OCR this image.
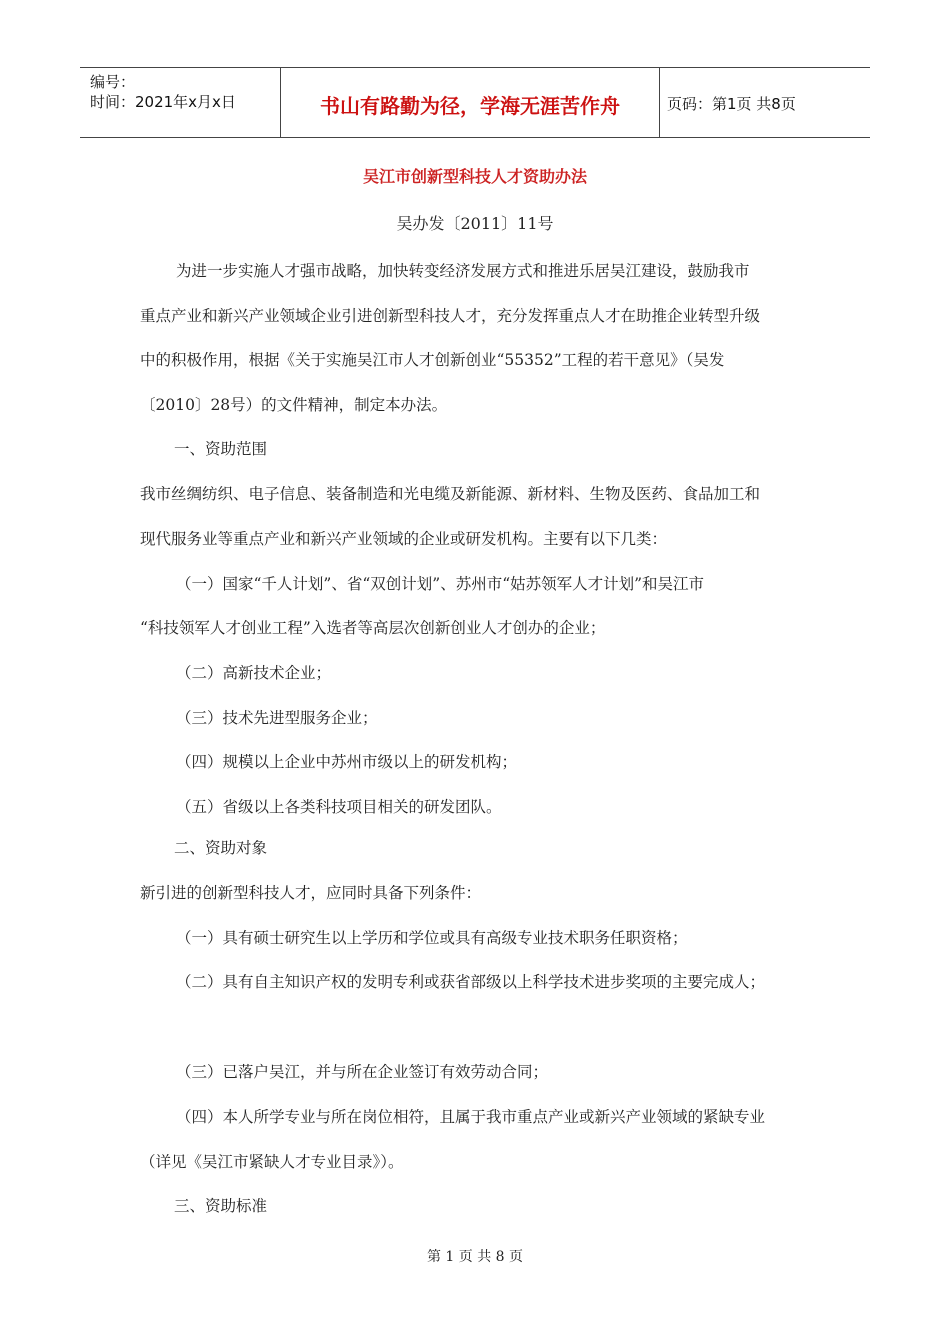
编号：
时间：2021年x月x日	书山有路勤为径，学海无涯苦作舟	页码：第1页 共8页
吴江市创新型科技人才资助办法
吴办发〔2011〕11号
为进一步实施人才强市战略，加快转变经济发展方式和推进乐居吴江建设，鼓励我市
重点产业和新兴产业领域企业引进创新型科技人才，充分发挥重点人才在助推企业转型升级
中的积极作用，根据《关于实施吴江市人才创新创业“55352”工程的若干意见》（吴发
〔2010〕28号）的文件精神，制定本办法。
一、资助范围
我市丝绸纺织、电子信息、装备制造和光电缆及新能源、新材料、生物及医药、食品加工和
现代服务业等重点产业和新兴产业领域的企业或研发机构。主要有以下几类：
（一）国家“千人计划”、省“双创计划”、苏州市“姑苏领军人才计划”和吴江市
“科技领军人才创业工程”入选者等高层次创新创业人才创办的企业；
（二）高新技术企业；
（三）技术先进型服务企业；
（四）规模以上企业中苏州市级以上的研发机构；
（五）省级以上各类科技项目相关的研发团队。
二、资助对象
新引进的创新型科技人才，应同时具备下列条件：
（一）具有硕士研究生以上学历和学位或具有高级专业技术职务任职资格；
（二）具有自主知识产权的发明专利或获省部级以上科学技术进步奖项的主要完成人；
（三）已落户吴江，并与所在企业签订有效劳动合同；
（四）本人所学专业与所在岗位相符，且属于我市重点产业或新兴产业领域的紧缺专业
（详见《吴江市紧缺人才专业目录》）。
三、资助标准
第 1 页 共 8 页
